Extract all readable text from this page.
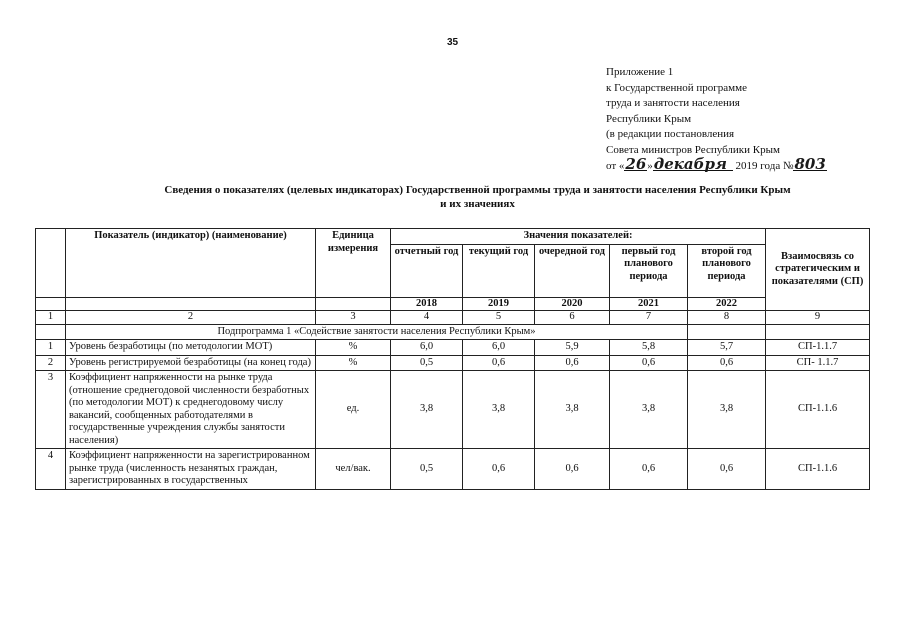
35
Приложение 1
к Государственной программе
труда и занятости населения
Республики Крым
(в редакции постановления
Совета министров Республики Крым
от «26»декабря 2019 года №803
Сведения о показателях (целевых индикаторах) Государственной программы труда и занятости населения Республики Крым
и их значениях
	Показатель (индикатор) (наименование)	Единица измерения	Значения показателей:					Взаимосвязь со стратегическим и показателями (СП)
			отчетный год	текущий год	очередной год	первый год планового периода	второй год планового периода	
			2018	2019	2020	2021	2022	
1	2	3	4	5	6	7	8	9
	Подпрограмма 1 «Содействие занятости населения Республики Крым»							
1	Уровень безработицы (по методологии МОТ)	%	6,0	6,0	5,9	5,8	5,7	СП-1.1.7
2	Уровень регистрируемой безработицы (на конец года)	%	0,5	0,6	0,6	0,6	0,6	СП- 1.1.7
3	Коэффициент напряженности на рынке труда (отношение среднегодовой численности безработных (по методологии МОТ) к среднегодовому числу вакансий, сообщенных работодателями в государственные учреждения службы занятости населения)	ед.	3,8	3,8	3,8	3,8	3,8	СП-1.1.6
4	Коэффициент напряженности на зарегистрированном рынке труда (численность незанятых граждан, зарегистрированных в государственных	чел/вак.	0,5	0,6	0,6	0,6	0,6	СП-1.1.6
